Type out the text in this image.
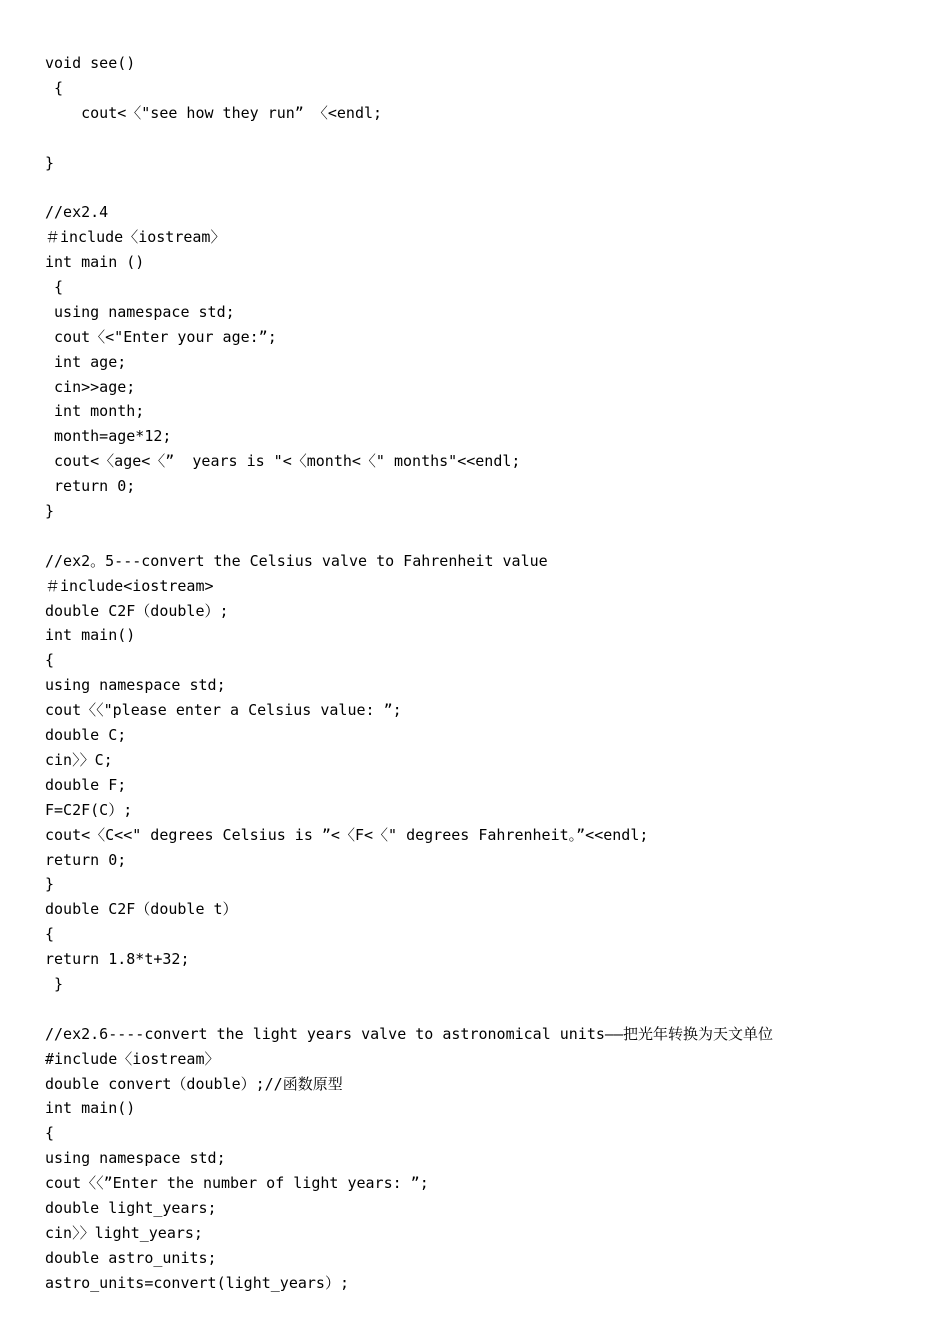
void see()
{
cout<〈"see how they run” 〈<endl;
}
//ex2.4
＃include〈iostream〉
int main ()
{
using namespace std;
cout〈<"Enter your age:”;
int age;
cin>>age;
int month;
month=age*12;
cout<〈age<〈”  years is "<〈month<〈" months"<<endl;
return 0;
}
//ex2。5---convert the Celsius valve to Fahrenheit value
＃include<iostream>
double C2F（double）;
int main()
{
using namespace std;
cout〈〈"please enter a Celsius value: ”;
double C;
cin〉〉C;
double F;
F=C2F(C）;
cout<〈C<<" degrees Celsius is ”<〈F<〈" degrees Fahrenheit。”<<endl;
return 0;
}
double C2F（double t）
{
return 1.8*t+32;
}
//ex2.6----convert the light years valve to astronomical units——把光年转换为天文单位
#include〈iostream〉
double convert（double）;//函数原型
int main()
{
using namespace std;
cout〈〈”Enter the number of light years: ”;
double light_years;
cin〉〉light_years;
double astro_units;
astro_units=convert(light_years）;
